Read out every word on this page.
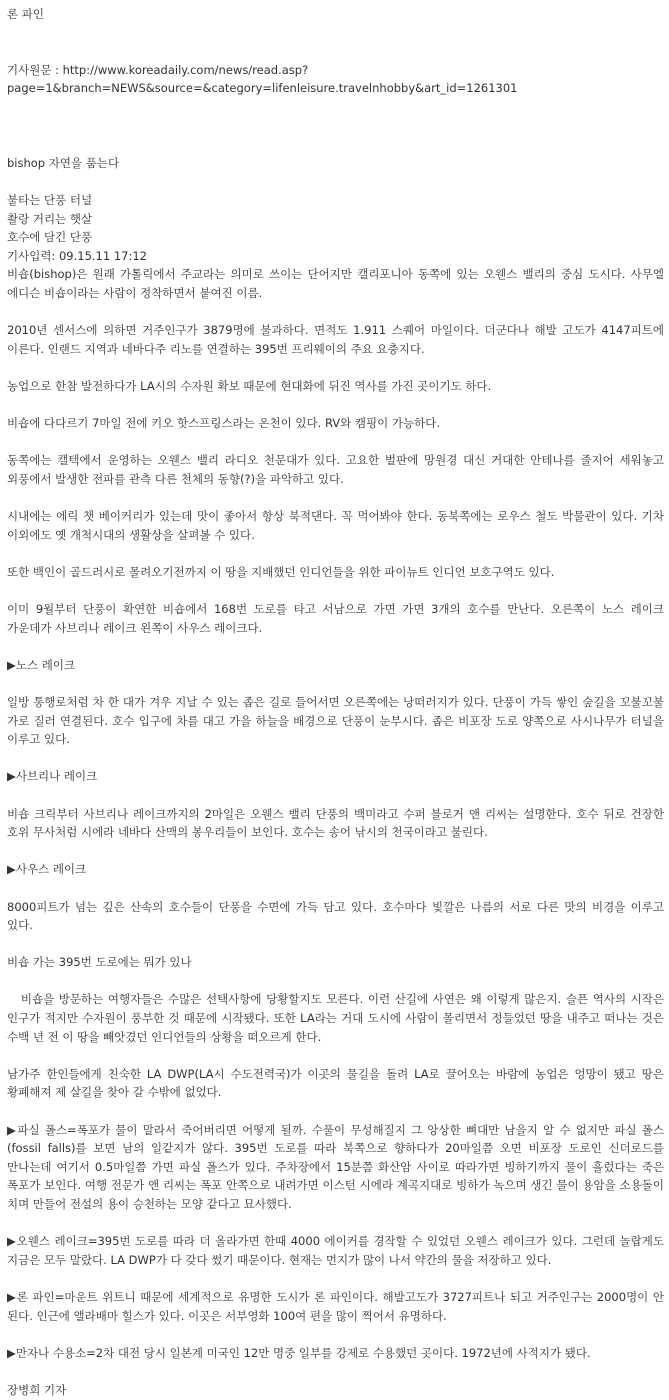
론 파인
기사원문 : http://www.koreadaily.com/news/read.asp?
page=1&branch=NEWS&source=&category=lifenleisure.travelnhobby&art_id=1261301
bishop 자연을 품는다
불타는 단풍 터널
촬랑 거리는 햇살
호수에 담긴 단풍
기사입력: 09.15.11 17:12
비숍(bishop)은 원래 가톨릭에서 주교라는 의미로 쓰이는 단어지만 캘리포니아 동쪽에 있는 오웬스 밸리의 중심 도시다. 사무엘 에디슨 비숍이라는 사람이 정착하면서 붙여진 이름.
2010년 센서스에 의하면 거주인구가 3879명에 불과하다. 면적도 1.911 스퀘어 마일이다. 더군다나 해발 고도가 4147피트에 이른다. 인랜드 지역과 네바다주 리노를 연결하는 395번 프리웨이의 주요 요충지다.
농업으로 한참 발전하다가 LA시의 수자원 확보 때문에 현대화에 뒤진 역사를 가진 곳이기도 하다.
비숍에 다다르기 7마일 전에 키오 핫스프링스라는 온천이 있다. RV와 캠핑이 가능하다.
동쪽에는 캘텍에서 운영하는 오웬스 밸리 라디오 천문대가 있다. 고요한 벌판에 망원경 대신 거대한 안테나를 줄지어 세워놓고 외풍에서 발생한 전파를 관측 다른 천체의 동향(?)을 파악하고 있다.
시내에는 에릭 챗 베이커리가 있는데 맛이 좋아서 항상 북적댄다. 꼭 먹어봐야 한다. 동북쪽에는 로우스 철도 박물관이 있다. 기차 이외에도 옛 개척시대의 생활상을 살펴볼 수 있다.
또한 백인이 골드러시로 몰려오기전까지 이 땅을 지배했던 인디언들을 위한 파이뉴트 인디언 보호구역도 있다.
이미 9월부터 단풍이 확연한 비숍에서 168번 도로를 타고 서남으로 가면 가면 3개의 호수를 만난다. 오른쪽이 노스 레이크 가운데가 사브리나 레이크 왼쪽이 사우스 레이크다.
▶노스 레이크
일방 통행로처럼 차 한 대가 겨우 지날 수 있는 좁은 길로 들어서면 오른쪽에는 낭떠러지가 있다. 단풍이 가득 쌓인 숲길을 꼬불꼬불 가로 질러 연결된다. 호수 입구에 차를 대고 가을 하늘을 배경으로 단풍이 눈부시다. 좁은 비포장 도로 양쪽으로 사시나무가 터널을 이루고 있다.
▶사브리나 레이크
비숍 크릭부터 사브리나 레이크까지의 2마일은 오웬스 밸리 단풍의 백미라고 수퍼 블로거 앤 리씨는 설명한다. 호수 뒤로 건장한 호위 무사처럼 시에라 네바다 산맥의 봉우리들이 보인다. 호수는 송어 낚시의 천국이라고 불린다.
▶사우스 레이크
8000피트가 넘는 깊은 산속의 호수들이 단풍을 수면에 가득 담고 있다. 호수마다 빛깔은 나름의 서로 다른 맛의 비경을 이루고 있다.
비숍 가는 395번 도로에는 뭐가 있나
비숍을 방문하는 여행자들은 수많은 선택사항에 당황할지도 모른다. 이런 산길에 사연은 왜 이렇게 많은지. 슬픈 역사의 시작은 인구가 적지만 수자원이 풍부한 것 때문에 시작됐다. 또한 LA라는 거대 도시에 사람이 몰리면서 정들었던 땅을 내주고 떠나는 것은 수백 년 전 이 땅을 빼앗겼던 인디언들의 상황을 떠오르게 한다.
남가주 한인들에게 친숙한 LA DWP(LA시 수도전력국)가 이곳의 물길을 돌려 LA로 끌어오는 바람에 농업은 엉망이 됐고 땅은 황폐해져 제 살길을 찾아 갈 수밖에 없었다.
▶파실 폴스=폭포가 물이 말라서 죽어버리면 어떻게 될까. 수풀이 무성해질지 그 앙상한 뼈대만 남을지 알 수 없지만 파실 폴스(fossil falls)를 보면 남의 일같지가 않다. 395번 도로를 따라 북쪽으로 향하다가 20마일쯤 오면 비포장 도로인 신더로드를 만나는데 여기서 0.5마일쯤 가면 파실 폴스가 있다. 주차장에서 15분쯤 화산암 사이로 따라가면 빙하기까지 물이 흘렀다는 죽은 폭포가 보인다. 여행 전문가 앤 리씨는 폭포 안쪽으로 내려가면 이스턴 시에라 계곡지대로 빙하가 녹으며 생긴 물이 용암을 소용돌이 치며 만들어 전설의 용이 승천하는 모양 같다고 묘사했다.
▶오웬스 레이크=395번 도로를 따라 더 올라가면 한때 4000 에이커를 경작할 수 있었던 오웬스 레이크가 있다. 그런데 놀랍게도 지금은 모두 말랐다. LA DWP가 다 갖다 썼기 때문이다. 현재는 먼지가 많이 나서 약간의 물을 저장하고 있다.
▶론 파인=마운트 위트니 때문에 세계적으로 유명한 도시가 론 파인이다. 해발고도가 3727피트나 되고 거주인구는 2000명이 안 된다. 인근에 앨라배마 힐스가 있다. 이곳은 서부영화 100여 편을 많이 찍어서 유명하다.
▶만자나 수용소=2차 대전 당시 일본계 미국인 12만 명중 일부를 강제로 수용했던 곳이다. 1972년에 사적지가 됐다.
장병희 기자
